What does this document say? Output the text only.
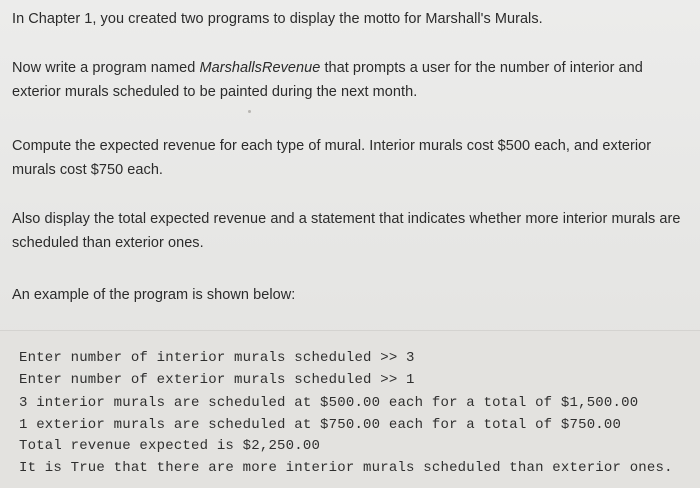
In Chapter 1, you created two programs to display the motto for Marshall's Murals.
Now write a program named MarshallsRevenue that prompts a user for the number of interior and exterior murals scheduled to be painted during the next month.
Compute the expected revenue for each type of mural. Interior murals cost $500 each, and exterior murals cost $750 each.
Also display the total expected revenue and a statement that indicates whether more interior murals are scheduled than exterior ones.
An example of the program is shown below:
Enter number of interior murals scheduled >> 3
Enter number of exterior murals scheduled >> 1
3 interior murals are scheduled at $500.00 each for a total of $1,500.00
1 exterior murals are scheduled at $750.00 each for a total of $750.00
Total revenue expected is $2,250.00
It is True that there are more interior murals scheduled than exterior ones.
